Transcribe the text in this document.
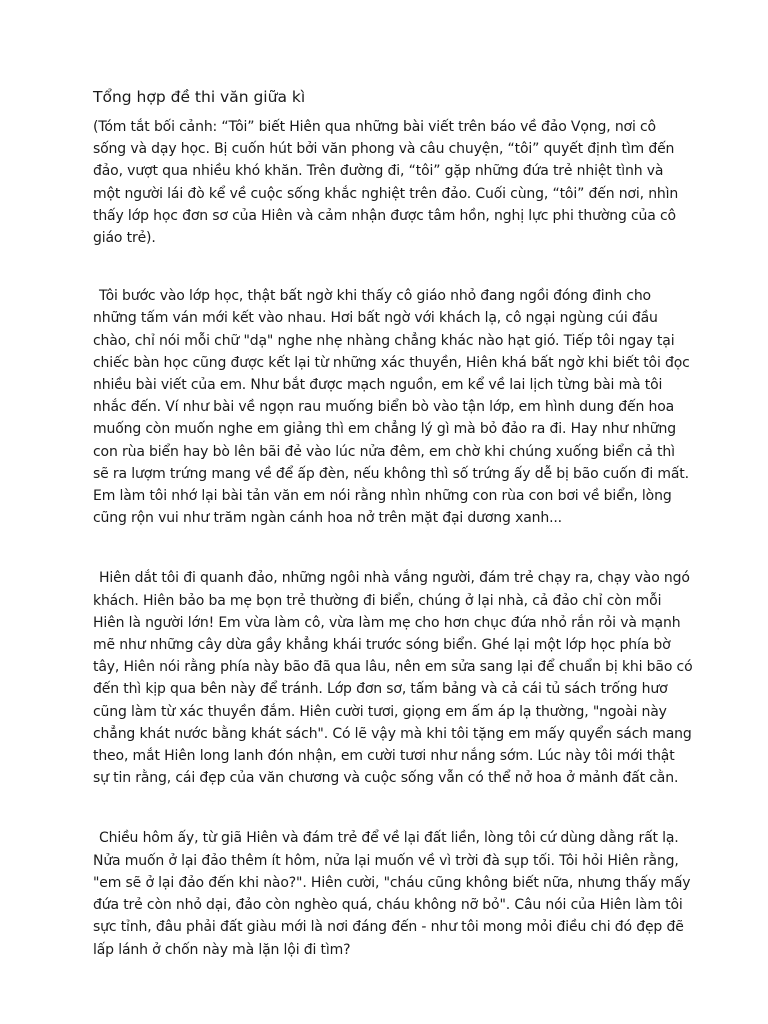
Tổng hợp đề thi văn giữa kì

(Tóm tắt bối cảnh: “Tôi” biết Hiên qua những bài viết trên báo về đảo Vọng, nơi cô sống và dạy học. Bị cuốn hút bởi văn phong và câu chuyện, “tôi” quyết định tìm đến đảo, vượt qua nhiều khó khăn. Trên đường đi, “tôi” gặp những đứa trẻ nhiệt tình và một người lái đò kể về cuộc sống khắc nghiệt trên đảo. Cuối cùng, “tôi” đến nơi, nhìn thấy lớp học đơn sơ của Hiên và cảm nhận được tâm hồn, nghị lực phi thường của cô giáo trẻ).

Tôi bước vào lớp học, thật bất ngờ khi thấy cô giáo nhỏ đang ngồi đóng đinh cho những tấm ván mới kết vào nhau. Hơi bất ngờ với khách lạ, cô ngại ngùng cúi đầu chào, chỉ nói mỗi chữ "dạ" nghe nhẹ nhàng chẳng khác nào hạt gió. Tiếp tôi ngay tại chiếc bàn học cũng được kết lại từ những xác thuyền, Hiên khá bất ngờ khi biết tôi đọc nhiều bài viết của em. Như bắt được mạch nguồn, em kể về lai lịch từng bài mà tôi nhắc đến. Ví như bài về ngọn rau muống biển bò vào tận lớp, em hình dung đến hoa muống còn muốn nghe em giảng thì em chẳng lý gì mà bỏ đảo ra đi. Hay như những con rùa biển hay bò lên bãi đẻ vào lúc nửa đêm, em chờ khi chúng xuống biển cả thì sẽ ra lượm trứng mang về để ấp đèn, nếu không thì số trứng ấy dễ bị bão cuốn đi mất. Em làm tôi nhớ lại bài tản văn em nói rằng nhìn những con rùa con bơi về biển, lòng cũng rộn vui như trăm ngàn cánh hoa nở trên mặt đại dương xanh...

Hiên dắt tôi đi quanh đảo, những ngôi nhà vắng người, đám trẻ chạy ra, chạy vào ngó khách. Hiên bảo ba mẹ bọn trẻ thường đi biển, chúng ở lại nhà, cả đảo chỉ còn mỗi Hiên là người lớn! Em vừa làm cô, vừa làm mẹ cho hơn chục đứa nhỏ rắn rỏi và mạnh mẽ như những cây dừa gầy khẳng khái trước sóng biển. Ghé lại một lớp học phía bờ tây, Hiên nói rằng phía này bão đã qua lâu, nên em sửa sang lại để chuẩn bị khi bão có đến thì kịp qua bên này để tránh. Lớp đơn sơ, tấm bảng và cả cái tủ sách trống hươ cũng làm từ xác thuyền đắm. Hiên cười tươi, giọng em ấm áp lạ thường, "ngoài này chẳng khát nước bằng khát sách". Có lẽ vậy mà khi tôi tặng em mấy quyển sách mang theo, mắt Hiên long lanh đón nhận, em cười tươi như nắng sớm. Lúc này tôi mới thật sự tin rằng, cái đẹp của văn chương và cuộc sống vẫn có thể nở hoa ở mảnh đất cằn.

Chiều hôm ấy, từ giã Hiên và đám trẻ để về lại đất liền, lòng tôi cứ dùng dằng rất lạ. Nửa muốn ở lại đảo thêm ít hôm, nửa lại muốn về vì trời đà sụp tối. Tôi hỏi Hiên rằng, "em sẽ ở lại đảo đến khi nào?". Hiên cười, "cháu cũng không biết nữa, nhưng thấy mấy đứa trẻ còn nhỏ dại, đảo còn nghèo quá, cháu không nỡ bỏ". Câu nói của Hiên làm tôi sực tỉnh, đâu phải đất giàu mới là nơi đáng đến - như tôi mong mỏi điều chi đó đẹp đẽ lấp lánh ở chốn này mà lặn lội đi tìm?
